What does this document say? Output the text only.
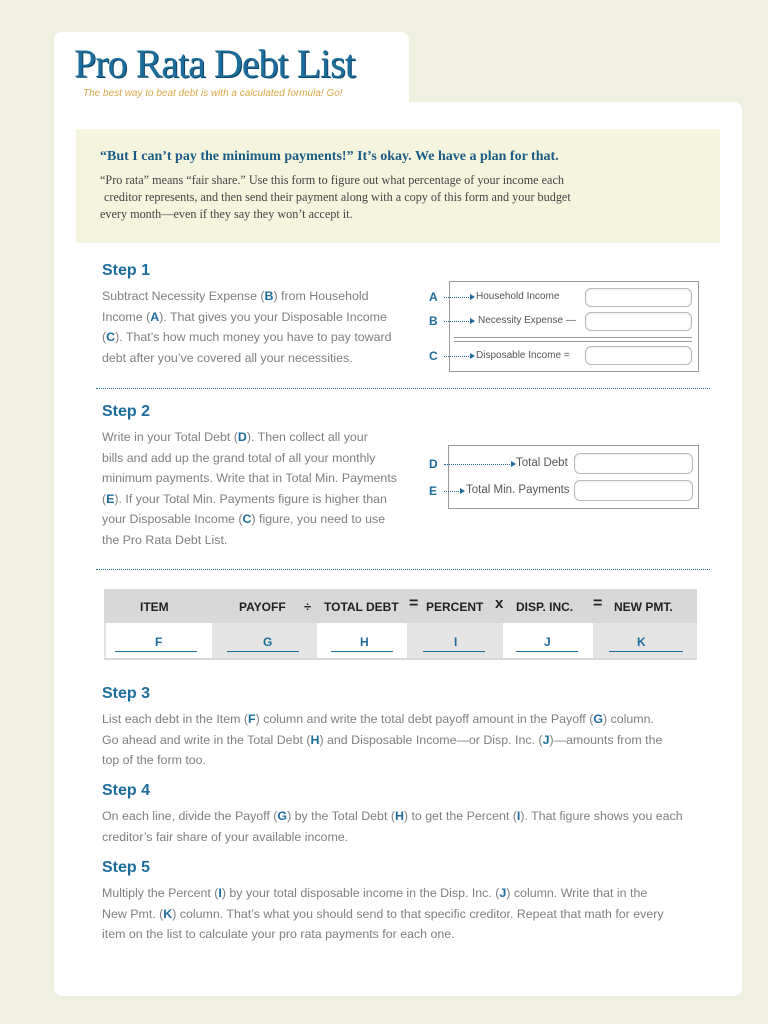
Pro Rata Debt List
The best way to beat debt is with a calculated formula! Go!
“But I can’t pay the minimum payments!” It’s okay. We have a plan for that.
“Pro rata” means “fair share.” Use this form to figure out what percentage of your income each
creditor represents, and then send their payment along with a copy of this form and your budget
every month—even if they say they won’t accept it.
Step 1
Subtract Necessity Expense (B) from Household
Income (A). That gives you your Disposable Income
(C). That’s how much money you have to pay toward
debt after you’ve covered all your necessities.
A	Household Income
B	Necessity Expense —
C	Disposable Income =
Step 2
Write in your Total Debt (D). Then collect all your
bills and add up the grand total of all your monthly
minimum payments. Write that in Total Min. Payments
(E). If your Total Min. Payments figure is higher than
your Disposable Income (C) figure, you need to use
the Pro Rata Debt List.
D	Total Debt
E	Total Min. Payments
ITEM	PAYOFF ÷ TOTAL DEBT = PERCENT x DISP. INC. = NEW PMT.
F	G	H	I	J	K
Step 3
List each debt in the Item (F) column and write the total debt payoff amount in the Payoff (G) column.
Go ahead and write in the Total Debt (H) and Disposable Income—or Disp. Inc. (J)—amounts from the
top of the form too.
Step 4
On each line, divide the Payoff (G) by the Total Debt (H) to get the Percent (I). That figure shows you each
creditor’s fair share of your available income.
Step 5
Multiply the Percent (I) by your total disposable income in the Disp. Inc. (J) column. Write that in the
New Pmt. (K) column. That’s what you should send to that specific creditor. Repeat that math for every
item on the list to calculate your pro rata payments for each one.
